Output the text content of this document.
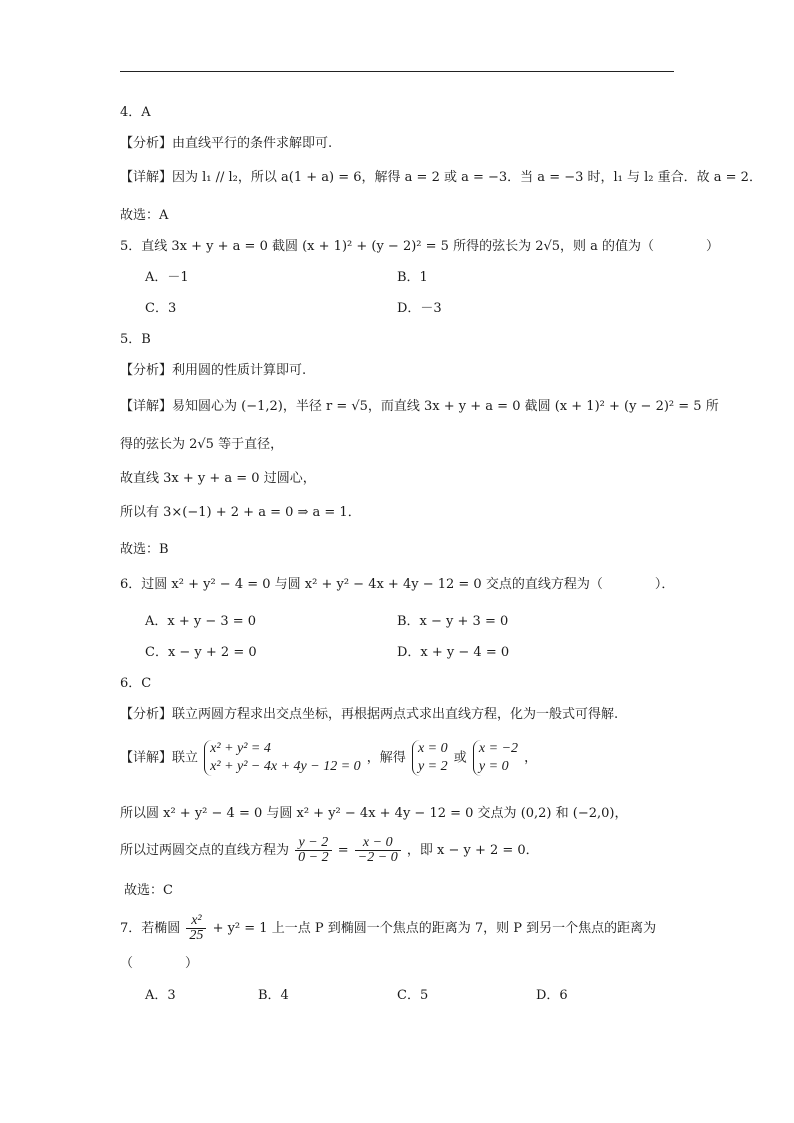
4．A
【分析】由直线平行的条件求解即可.
【详解】因为 l₁ // l₂，所以 a(1 + a) = 6，解得 a = 2 或 a = −3．当 a = −3 时，l₁ 与 l₂ 重合．故 a = 2．
故选：A
5．直线 3x + y + a = 0 截圆 (x + 1)² + (y − 2)² = 5 所得的弦长为 2√5，则 a 的值为（　　　　）
A．－1	B．1
C．3	D．－3
5．B
【分析】利用圆的性质计算即可.
【详解】易知圆心为 (−1,2)，半径 r = √5，而直线 3x + y + a = 0 截圆 (x + 1)² + (y − 2)² = 5 所
得的弦长为 2√5 等于直径，
故直线 3x + y + a = 0 过圆心，
所以有 3×(−1) + 2 + a = 0 ⇒ a = 1．
故选：B
6．过圆 x² + y² − 4 = 0 与圆 x² + y² − 4x + 4y − 12 = 0 交点的直线方程为（　　　　）．
A．x + y − 3 = 0	B．x − y + 3 = 0
C．x − y + 2 = 0	D．x + y − 4 = 0
6．C
【分析】联立两圆方程求出交点坐标，再根据两点式求出直线方程，化为一般式可得解.
【详解】联立
x² + y² = 4
x² + y² − 4x + 4y − 12 = 0
，解得
x = 0
y = 2
或
x = −2
y = 0
，
所以圆 x² + y² − 4 = 0 与圆 x² + y² − 4x + 4y − 12 = 0 交点为 (0,2) 和 (−2,0)，
所以过两圆交点的直线方程为 $\frac{y - 2}{0 - 2} = \frac{x - 0}{-2 - 0}$ ，即 x − y + 2 = 0．
故选：C
7．若椭圆 $\frac{\text{x²}}{25} + y^2 = 1$ 上一点 P 到椭圆一个焦点的距离为 7，则 P 到另一个焦点的距离为
（　　　　）
A．3	B．4	C．5	D．6
